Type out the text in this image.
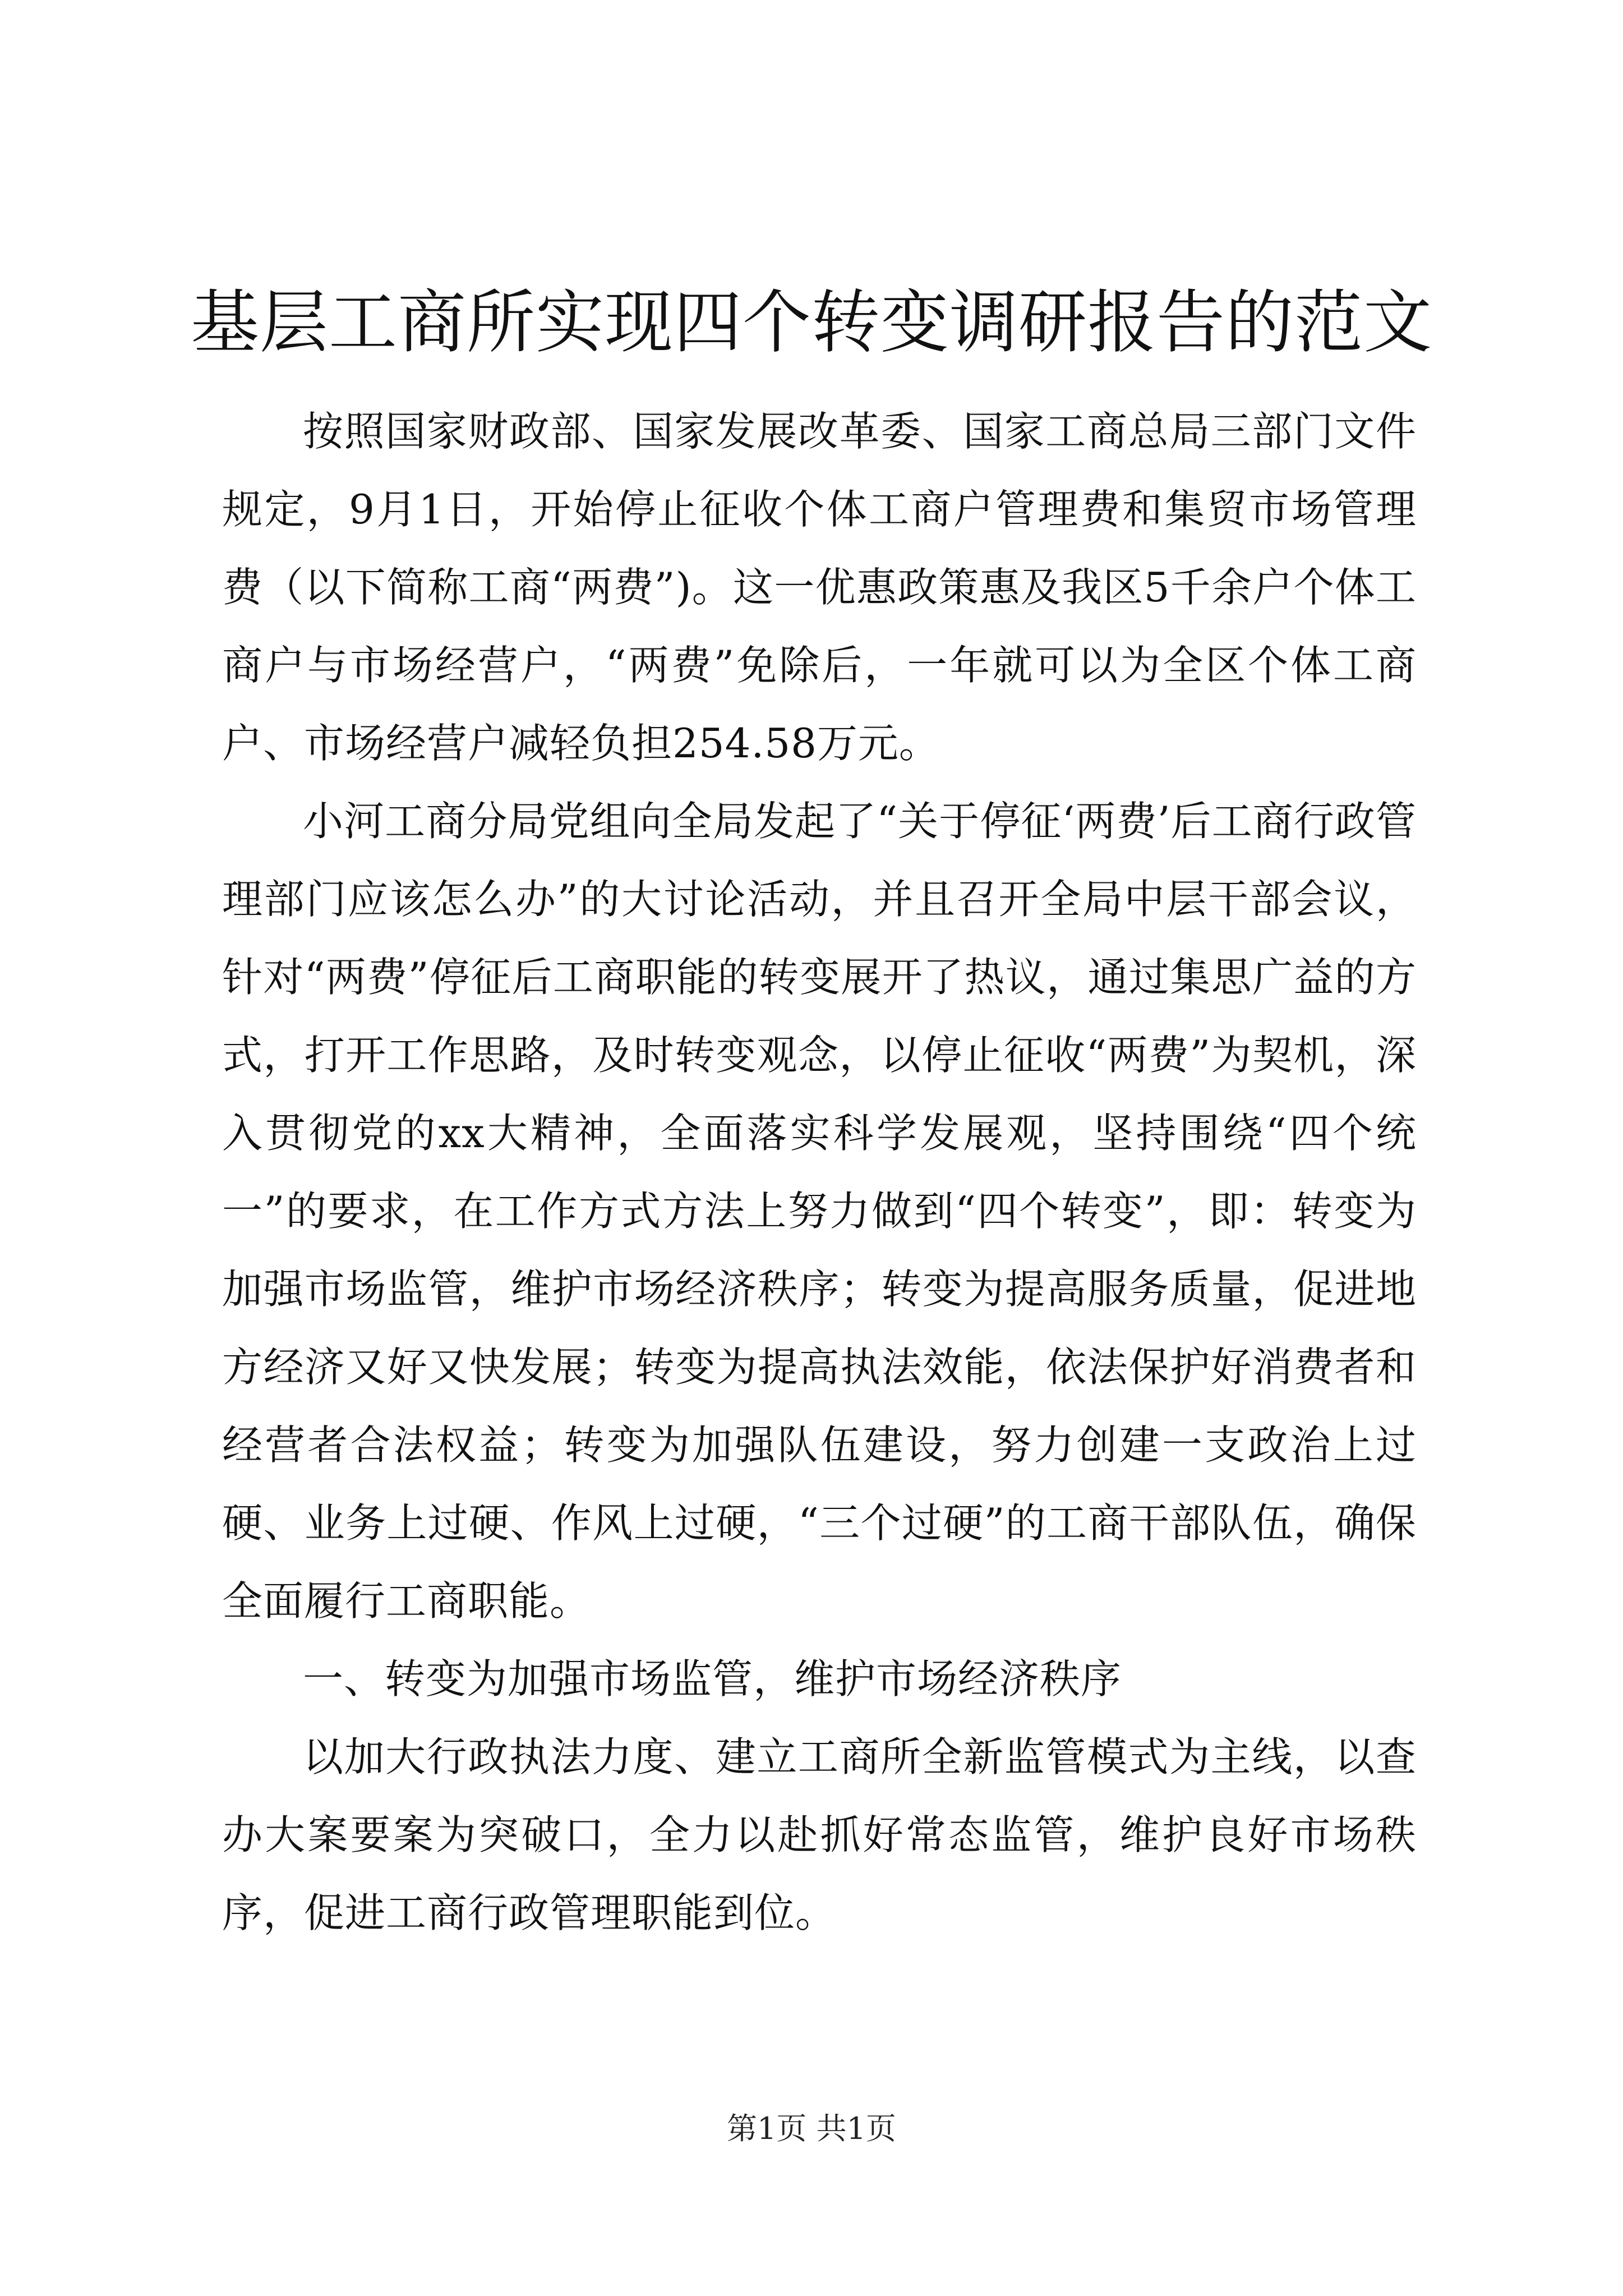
基层工商所实现四个转变调研报告的范文

按照国家财政部、国家发展改革委、国家工商总局三部门文件规定，9月1日，开始停止征收个体工商户管理费和集贸市场管理费（以下简称工商“两费”)。这一优惠政策惠及我区5千余户个体工商户与市场经营户，“两费”免除后，一年就可以为全区个体工商户、市场经营户减轻负担254.58万元。

小河工商分局党组向全局发起了“关于停征‘两费’后工商行政管理部门应该怎么办”的大讨论活动，并且召开全局中层干部会议，针对“两费”停征后工商职能的转变展开了热议，通过集思广益的方式，打开工作思路，及时转变观念，以停止征收“两费”为契机，深入贯彻党的xx大精神，全面落实科学发展观，坚持围绕“四个统一”的要求，在工作方式方法上努力做到“四个转变”，即：转变为加强市场监管，维护市场经济秩序；转变为提高服务质量，促进地方经济又好又快发展；转变为提高执法效能，依法保护好消费者和经营者合法权益；转变为加强队伍建设，努力创建一支政治上过硬、业务上过硬、作风上过硬，“三个过硬”的工商干部队伍，确保全面履行工商职能。

一、转变为加强市场监管，维护市场经济秩序

以加大行政执法力度、建立工商所全新监管模式为主线，以查办大案要案为突破口，全力以赴抓好常态监管，维护良好市场秩序，促进工商行政管理职能到位。

第1页 共1页
